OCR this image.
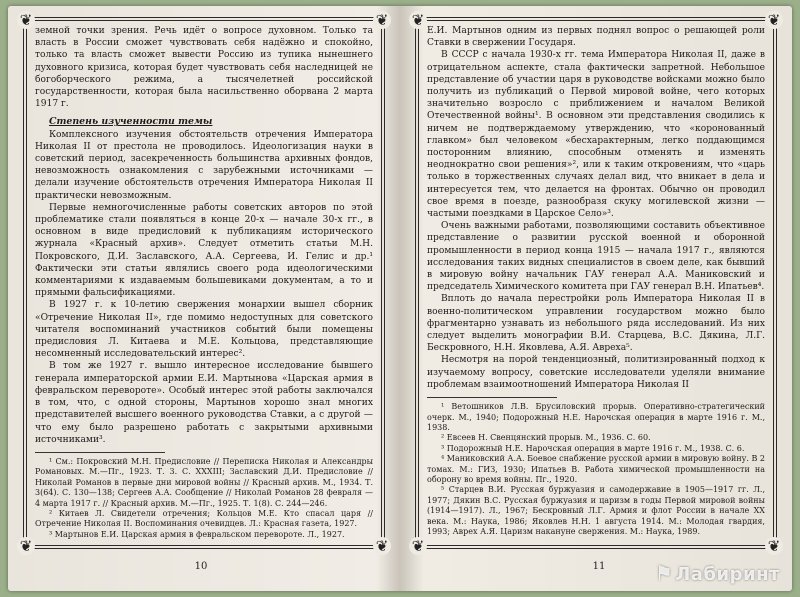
❦	❦
❦	❦

земной точки зрения. Речь идёт о вопросе духовном. Только та власть в России сможет чувствовать себя надёжно и спокойно, только та власть сможет вывести Россию из тупика нынешнего духовного кризиса, которая будет чувствовать себя наследницей не богоборческого режима, а тысячелетней российской государственности, которая была насильственно оборвана 2 марта 1917 г.

Степень изученности темы

Комплексного изучения обстоятельств отречения Императора Николая II от престола не проводилось. Идеологизация науки в советский период, засекреченность большинства архивных фондов, невозможность ознакомления с зарубежными источниками — делали изучение обстоятельств отречения Императора Николая II практически невозможным.

Первые немногочисленные работы советских авторов по этой проблематике стали появляться в конце 20-х — начале 30-х гг., в основном в виде предисловий к публикациям исторического журнала «Красный архив». Следует отметить статьи М.Н. Покровского, Д.И. Заславского, А.А. Сергеева, И. Гелис и др.¹ Фактически эти статьи являлись своего рода идеологическими комментариями к издаваемым большевиками документам, а то и прямыми фальсификациями.

В 1927 г. к 10-летию свержения монархии вышел сборник «Отречение Николая II», где помимо недоступных для советского читателя воспоминаний участников событий были помещены предисловия Л. Китаева и М.Е. Кольцова, представляющие несомненный исследовательский интерес².

В том же 1927 г. вышло интересное исследование бывшего генерала императорской армии Е.И. Мартынова «Царская армия в февральском перевороте». Особый интерес этой работы заключался в том, что, с одной стороны, Мартынов хорошо знал многих представителей высшего военного руководства Ставки, а с другой — что ему было разрешено работать с закрытыми архивными источниками³.

¹ См.: Покровский М.Н. Предисловие // Переписка Николая и Александры Романовых. М.—Пг., 1923. Т. 3. С. XXXIII; Заславский Д.И. Предисловие // Николай Романов в первые дни мировой войны // Красный архив. М., 1934. Т. 3(64). С. 130—138; Сергеев А.А. Сообщение // Николай Романов 28 февраля — 4 марта 1917 г. // Красный архив. М.—Пг., 1925. Т. 1(8). С. 244—246.

² Китаев Л. Свидетели отречения; Кольцов М.Е. Кто спасал царя // Отречение Николая II. Воспоминания очевидцев. Л.: Красная газета, 1927.

³ Мартынов Е.И. Царская армия в февральском перевороте. Л., 1927.

10
❦	❦
❦	❦

Е.И. Мартынов одним из первых поднял вопрос о решающей роли Ставки в свержении Государя.

В СССР с начала 1930-х гг. тема Императора Николая II, даже в отрицательном аспекте, стала фактически запретной. Небольшое представление об участии царя в руководстве войсками можно было получить из публикаций о Первой мировой войне, чего которых значительно возросло с приближением и началом Великой Отечественной войны¹. В основном эти представления сводились к ничем не подтверждаемому утверждению, что «коронованный главком» был человеком «бесхарактерным, легко поддающимся посторонним влиянию, способным отменять и изменять неоднократно свои решения»², или к таким откровениям, что «царь только в торжественных случаях делал вид, что вникает в дела и интересуется тем, что делается на фронтах. Обычно он проводил свое время в поезде, разнообразя скуку могилевской жизни — частыми поездками в Царское Село»³.

Очень важными работами, позволяющими составить объективное представление о развитии русской военной и оборонной промышленности в период конца 1915 — начала 1917 г., являются исследования таких видных специалистов в своем деле, как бывший в мировую войну начальник ГАУ генерал А.А. Маниковский и председатель Химического комитета при ГАУ генерал В.Н. Ипатьев⁴.

Вплоть до начала перестройки роль Императора Николая II в военно-политическом управлении государством можно было фрагментарно узнавать из небольшого ряда исследований. Из них следует выделить монографии В.И. Старцева, В.С. Дякина, Л.Г. Бескровного, Н.Н. Яковлева, А.Я. Авреха⁵.

Несмотря на порой тенденциозный, политизированный подход к изучаемому вопросу, советские исследователи уделяли внимание проблемам взаимоотношений Императора Николая II

¹ Ветошников Л.В. Брусиловский прорыв. Оперативно-стратегический очерк. М., 1940; Подорожный Н.Е. Нарочская операция в марте 1916 г. М., 1938.

² Евсеев Н. Свенцянский прорыв. М., 1936. С. 60.

³ Подорожный Н.Е. Нарочская операция в марте 1916 г. М., 1938. С. 6.

⁴ Маниковский А.А. Боевое снабжение русской армии в мировую войну. В 2 томах. М.: ГИЗ, 1930; Ипатьев В. Работа химической промышленности на оборону во время войны. Пг., 1920.

⁵ Старцев В.И. Русская буржуазия и самодержавие в 1905—1917 гг. Л., 1977; Дякин В.С. Русская буржуазия и царизм в годы Первой мировой войны (1914—1917). Л., 1967; Бескровный Л.Г. Армия и флот России в начале XX века. М.: Наука, 1986; Яковлев Н.Н. 1 августа 1914. М.: Молодая гвардия, 1993; Аврех А.Я. Царизм накануне свержения. М.: Наука, 1989.

11	⚑ Лабиринт
